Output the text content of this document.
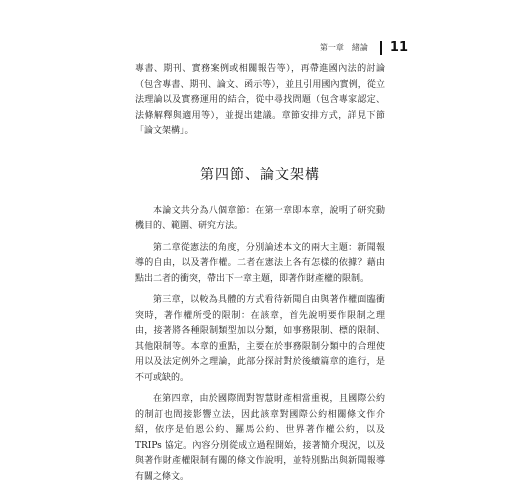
第一章　緒論 11

專書、期刊、實務案例或相關報告等），再帶進國內法的討論（包含專書、期刊、論文、函示等），並且引用國內實例，從立法理論以及實務運用的結合，從中尋找問題（包含專家認定、法條解釋與適用等），並提出建議。章節安排方式，詳見下節「論文架構」。

第四節、論文架構

本論文共分為八個章節：在第一章即本章，說明了研究動機目的、範圍、研究方法。

第二章從憲法的角度，分別論述本文的兩大主題：新聞報導的自由，以及著作權。二者在憲法上各有怎樣的依據？藉由點出二者的衝突，帶出下一章主題，即著作財產權的限制。

第三章，以較為具體的方式看待新聞自由與著作權面臨衝突時，著作權所受的限制：在該章，首先說明要作限制之理由，接著將各種限制類型加以分類，如事務限制、標的限制、其他限制等。本章的重點，主要在於事務限制分類中的合理使用以及法定例外之理論，此部分探討對於後續篇章的進行，是不可或缺的。

在第四章，由於國際間對智慧財產相當重視，且國際公約的制訂也間接影響立法，因此該章對國際公約相關條文作介紹，依序是伯恩公約、羅馬公約、世界著作權公約，以及TRIPs 協定。內容分別從成立過程開始，接著簡介現況，以及與著作財產權限制有關的條文作說明，並特別點出與新聞報導有關之條文。
